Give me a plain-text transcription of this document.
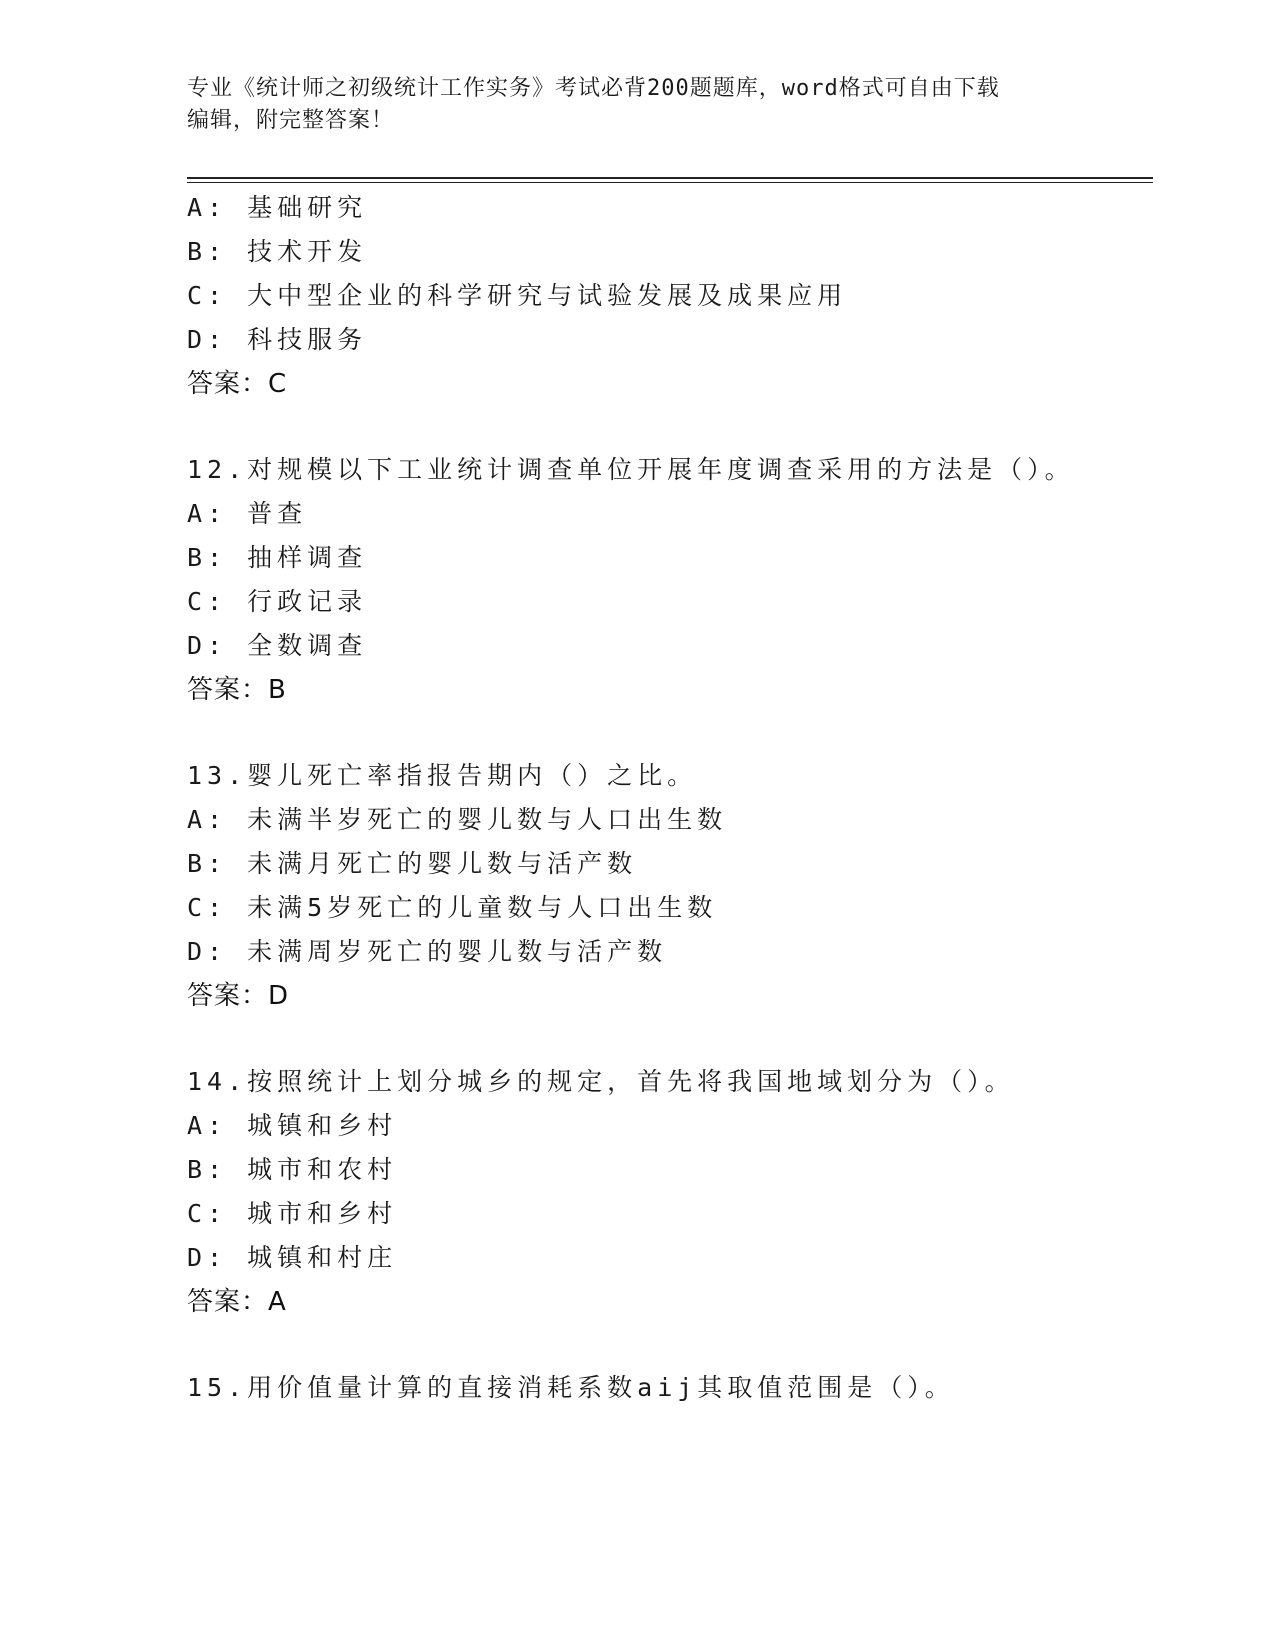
专业《统计师之初级统计工作实务》考试必背200题题库，word格式可自由下载
编辑，附完整答案！
A: 基础研究
B: 技术开发
C: 大中型企业的科学研究与试验发展及成果应用
D: 科技服务
答案：C
12.对规模以下工业统计调查单位开展年度调查采用的方法是（）。
A: 普查
B: 抽样调查
C: 行政记录
D: 全数调查
答案：B
13.婴儿死亡率指报告期内（）之比。
A: 未满半岁死亡的婴儿数与人口出生数
B: 未满月死亡的婴儿数与活产数
C: 未满5岁死亡的儿童数与人口出生数
D: 未满周岁死亡的婴儿数与活产数
答案：D
14.按照统计上划分城乡的规定，首先将我国地域划分为（）。
A: 城镇和乡村
B: 城市和农村
C: 城市和乡村
D: 城镇和村庄
答案：A
15.用价值量计算的直接消耗系数aij其取值范围是（）。
